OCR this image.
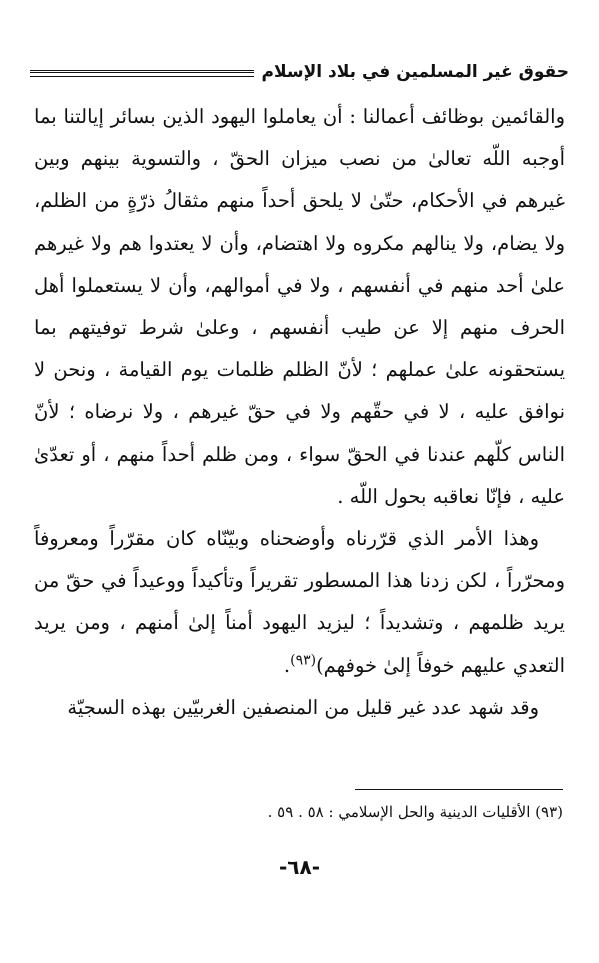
حقوق غير المسلمين في بلاد الإسلام

والقائمين بوظائف أعمالنا : أن يعاملوا اليهود الذين بسائر إيالتنا بما أوجبه اللّه تعالىٰ من نصب ميزان الحقّ ، والتسوية بينهم وبين غيرهم في الأحكام، حتّىٰ لا يلحق أحداً منهم مثقالُ ذرّةٍ من الظلم، ولا يضام، ولا ينالهم مكروه ولا اهتضام، وأن لا يعتدوا هم ولا غيرهم علىٰ أحد منهم في أنفسهم ، ولا في أموالهم، وأن لا يستعملوا أهل الحرف منهم إلا عن طيب أنفسهم ، وعلىٰ شرط توفيتهم بما يستحقونه علىٰ عملهم ؛ لأنّ الظلم ظلمات يوم القيامة ، ونحن لا نوافق عليه ، لا في حقّهم ولا في حقّ غيرهم ، ولا نرضاه ؛ لأنّ الناس كلّهم عندنا في الحقّ سواء ، ومن ظلم أحداً منهم ، أو تعدّىٰ عليه ، فإنّا نعاقبه بحول اللّه .

وهذا الأمر الذي قرّرناه وأوضحناه وبيّنّاه كان مقرّراً ومعروفاً ومحرّراً ، لكن زدنا هذا المسطور تقريراً وتأكيداً ووعيداً في حقّ من يريد ظلمهم ، وتشديداً ؛ ليزيد اليهود أمناً إلىٰ أمنهم ، ومن يريد التعدي عليهم خوفاً إلىٰ خوفهم)$^{(٩٣)}$.

وقد شهد عدد غير قليل من المنصفين الغربيّين بهذه السجيّة

(٩٣) الأقليات الدينية والحل الإسلامي : ٥٨ . ٥٩ .
-٦٨-
